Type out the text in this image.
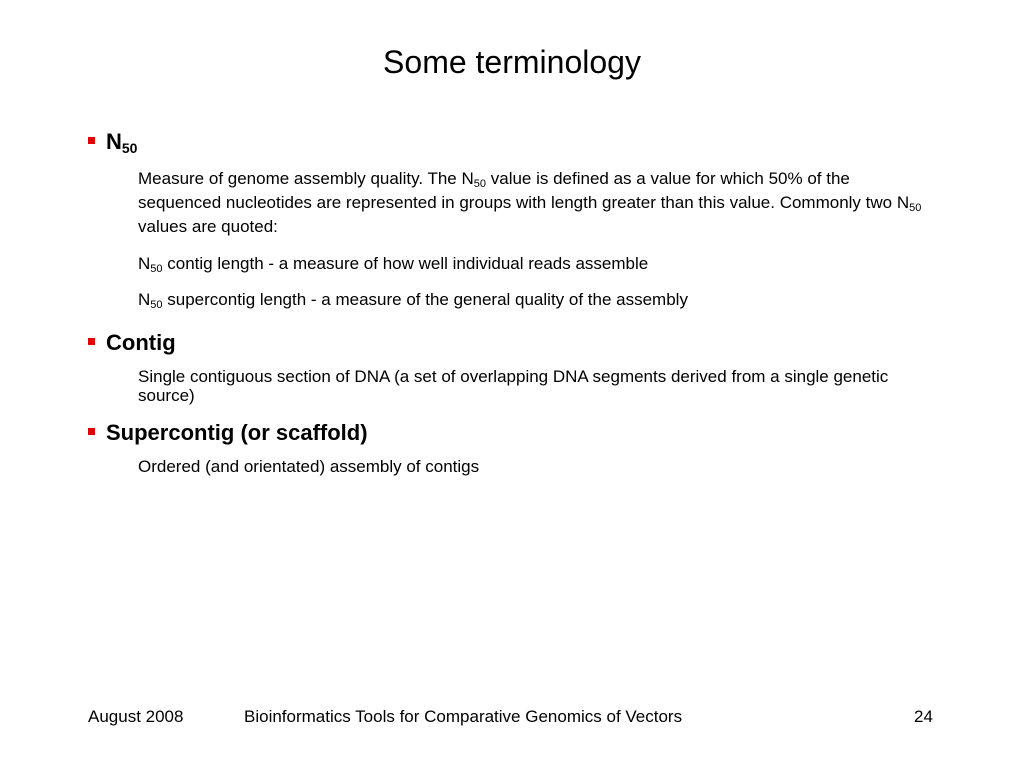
Some terminology
$N_{50}$
Measure of genome assembly quality. The $N_{50}$ value is defined as a value for which 50% of the sequenced nucleotides are represented in groups with length greater than this value. Commonly two $N_{50}$ values are quoted:
$N_{50}$ contig length - a measure of how well individual reads assemble
$N_{50}$ supercontig length - a measure of the general quality of the assembly
Contig
Single contiguous section of DNA (a set of overlapping DNA segments derived from a single genetic source)
Supercontig (or scaffold)
Ordered (and orientated) assembly of contigs
August 2008	Bioinformatics Tools for Comparative Genomics of Vectors	24
